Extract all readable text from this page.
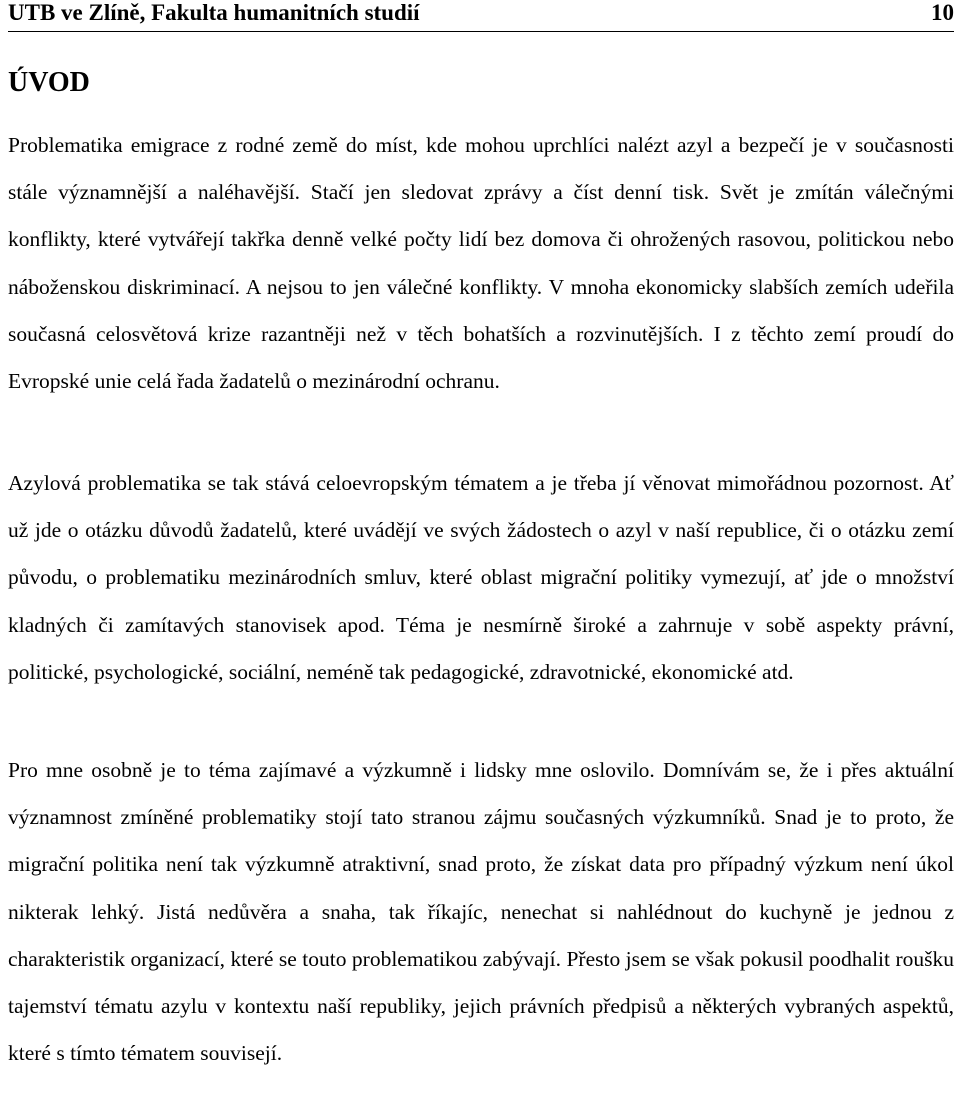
UTB ve Zlíně, Fakulta humanitních studií	10
ÚVOD

Problematika emigrace z rodné země do míst, kde mohou uprchlíci nalézt azyl a bezpečí je v současnosti stále významnější a naléhavější. Stačí jen sledovat zprávy a číst denní tisk. Svět je zmítán válečnými konflikty, které vytvářejí takřka denně velké počty lidí bez domova či ohrožených rasovou, politickou nebo náboženskou diskriminací. A nejsou to jen válečné konflikty. V mnoha ekonomicky slabších zemích udeřila současná celosvětová krize razantněji než v těch bohatších a rozvinutějších. I z těchto zemí proudí do Evropské unie celá řada žadatelů o mezinárodní ochranu.

Azylová problematika se tak stává celoevropským tématem a je třeba jí věnovat mimořádnou pozornost. Ať už jde o otázku důvodů žadatelů, které uvádějí ve svých žádostech o azyl v naší republice, či o otázku zemí původu, o problematiku mezinárodních smluv, které oblast migrační politiky vymezují, ať jde o množství kladných či zamítavých stanovisek apod. Téma je nesmírně široké a zahrnuje v sobě aspekty právní, politické, psychologické, sociální, neméně tak pedagogické, zdravotnické, ekonomické atd.

Pro mne osobně je to téma zajímavé a výzkumně i lidsky mne oslovilo. Domnívám se, že i přes aktuální významnost zmíněné problematiky stojí tato stranou zájmu současných výzkumníků. Snad je to proto, že migrační politika není tak výzkumně atraktivní, snad proto, že získat data pro případný výzkum není úkol nikterak lehký. Jistá nedůvěra a snaha, tak říkajíc, nenechat si nahlédnout do kuchyně je jednou z charakteristik organizací, které se touto problematikou zabývají. Přesto jsem se však pokusil poodhalit roušku tajemství tématu azylu v kontextu naší republiky, jejich právních předpisů a některých vybraných aspektů, které s tímto tématem souvisejí.
